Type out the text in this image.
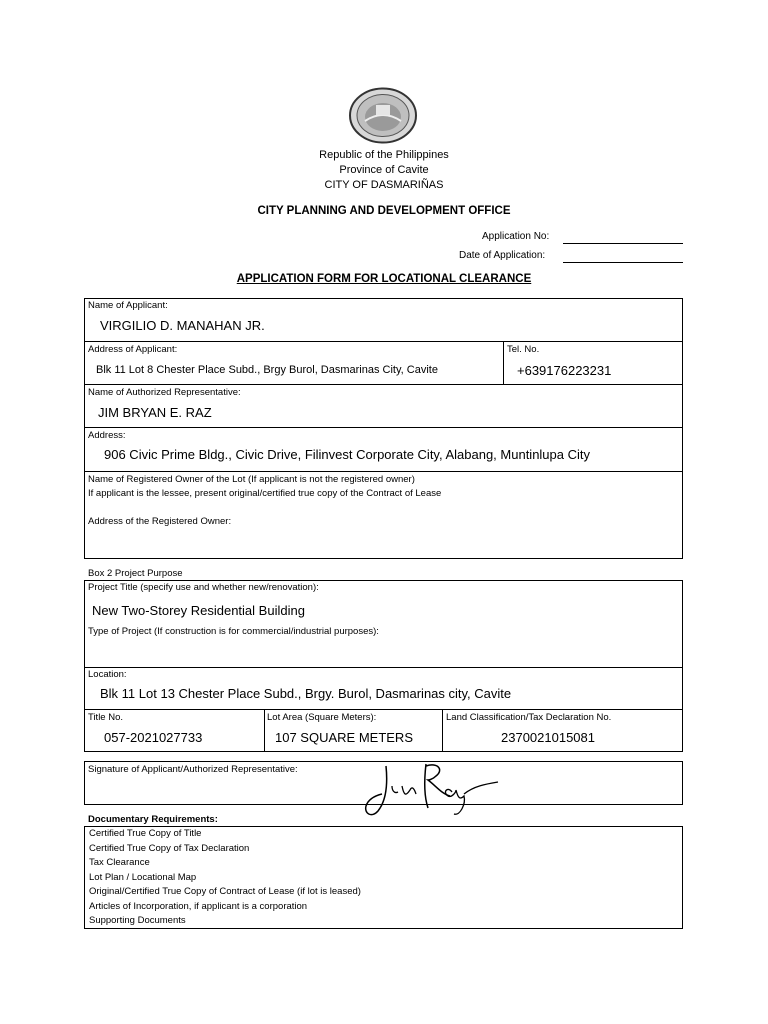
Republic of the Philippines
Province of Cavite
CITY OF DASMARIÑAS
CITY PLANNING AND DEVELOPMENT OFFICE
Application No:
Date of Application:
APPLICATION FORM FOR LOCATIONAL CLEARANCE
Name of Applicant:
VIRGILIO D. MANAHAN JR.
Address of Applicant:
Blk 11 Lot 8 Chester Place Subd., Brgy Burol, Dasmarinas City, Cavite
Tel. No.
+639176223231
Name of Authorized Representative:
JIM BRYAN E. RAZ
Address:
906 Civic Prime Bldg., Civic Drive, Filinvest Corporate City, Alabang, Muntinlupa City
Name of Registered Owner of the Lot (If applicant is not the registered owner)
If applicant is the lessee, present original/certified true copy of the Contract of Lease
Address of the Registered Owner:
Box 2 Project Purpose
Project Title (specify use and whether new/renovation):
New Two-Storey Residential Building
Type of Project (If construction is for commercial/industrial purposes):
Location:
Blk 11 Lot 13 Chester Place Subd., Brgy. Burol, Dasmarinas city, Cavite
Title No.
057-2021027733
Lot Area (Square Meters):
107 SQUARE METERS
Land Classification/Tax Declaration No.
2370021015081
Signature of Applicant/Authorized Representative:
Documentary Requirements:
Certified True Copy of Title
Certified True Copy of Tax Declaration
Tax Clearance
Lot Plan / Locational Map
Original/Certified True Copy of Contract of Lease (if lot is leased)
Articles of Incorporation, if applicant is a corporation
Supporting Documents
